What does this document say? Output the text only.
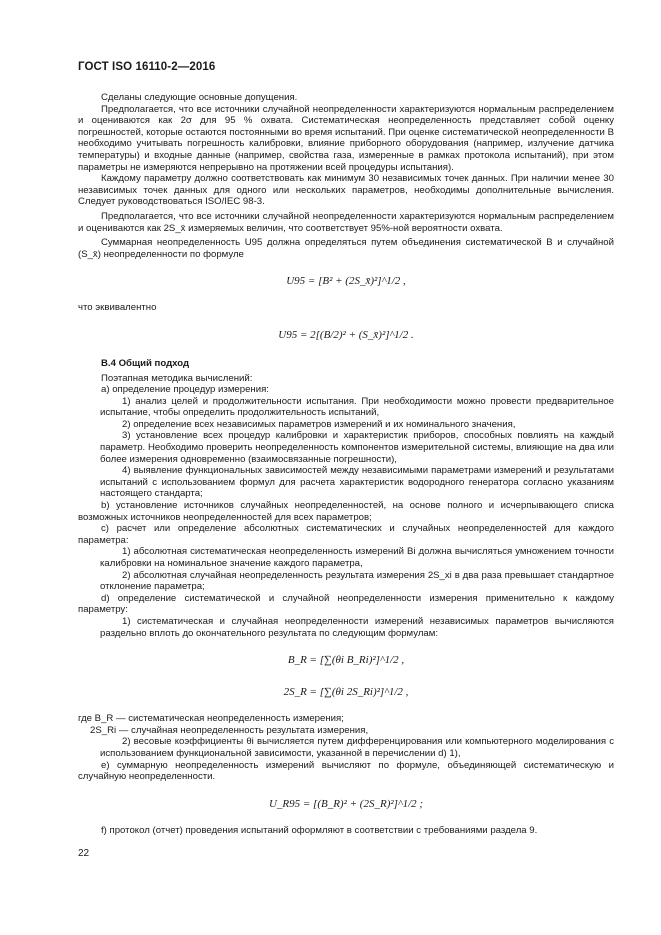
ГОСТ ISO 16110-2—2016

Сделаны следующие основные допущения.

Предполагается, что все источники случайной неопределенности характеризуются нормальным распределением и оцениваются как 2σ для 95 % охвата. Систематическая неопределенность представляет собой оценку погрешностей, которые остаются постоянными во время испытаний. При оценке систематической неопределенности B необходимо учитывать погрешность калибровки, влияние приборного оборудования (например, излучение датчика температуры) и входные данные (например, свойства газа, измеренные в рамках протокола испытаний), при этом параметры не измеряются непрерывно на протяжении всей процедуры испытания).

Каждому параметру должно соответствовать как минимум 30 независимых точек данных. При наличии менее 30 независимых точек данных для одного или нескольких параметров, необходимы дополнительные вычисления. Следует руководствоваться ISO/IEC 98-3.

Предполагается, что все источники случайной неопределенности характеризуются нормальным распределением и оцениваются как 2S_x̄ измеряемых величин, что соответствует 95%-ной вероятности охвата.

Суммарная неопределенность U95 должна определяться путем объединения систематической B и случайной (S_x̄) неопределенности по формуле

U95 = [B² + (2S_x̄)²]^1/2 ,

что эквивалентно

U95 = 2[(B/2)² + (S_x̄)²]^1/2 .
В.4 Общий подход

Поэтапная методика вычислений:

а) определение процедур измерения:

1) анализ целей и продолжительности испытания. При необходимости можно провести предварительное испытание, чтобы определить продолжительность испытаний,

2) определение всех независимых параметров измерений и их номинального значения,

3) установление всех процедур калибровки и характеристик приборов, способных повлиять на каждый параметр. Необходимо проверить неопределенность компонентов измерительной системы, влияющие на два или более измерения одновременно (взаимосвязанные погрешности),

4) выявление функциональных зависимостей между независимыми параметрами измерений и результатами испытаний с использованием формул для расчета характеристик водородного генератора согласно указаниям настоящего стандарта;

b) установление источников случайных неопределенностей, на основе полного и исчерпывающего списка возможных источников неопределенностей для всех параметров;

c) расчет или определение абсолютных систематических и случайных неопределенностей для каждого параметра:

1) абсолютная систематическая неопределенность измерений Bi должна вычисляться умножением точности калибровки на номинальное значение каждого параметра,

2) абсолютная случайная неопределенность результата измерения 2S_xi в два раза превышает стандартное отклонение параметра;

d) определение систематической и случайной неопределенности измерения применительно к каждому параметру:

1) систематическая и случайная неопределенности измерений независимых параметров вычисляются раздельно вплоть до окончательного результата по следующим формулам:

B_R = [∑(θi B_Ri)²]^1/2 ,
2S_R = [∑(θi 2S_Ri)²]^1/2 ,

где B_R — систематическая неопределенность измерения;

2S_Ri — случайная неопределенность результата измерения,

2) весовые коэффициенты θi вычисляется путем дифференцирования или компьютерного моделирования с использованием функциональной зависимости, указанной в перечислении d) 1),

e) суммарную неопределенность измерений вычисляют по формуле, объединяющей систематическую и случайную неопределенности.

U_R95 = [(B_R)² + (2S_R)²]^1/2 ;

f) протокол (отчет) проведения испытаний оформляют в соответствии с требованиями раздела 9.

22
